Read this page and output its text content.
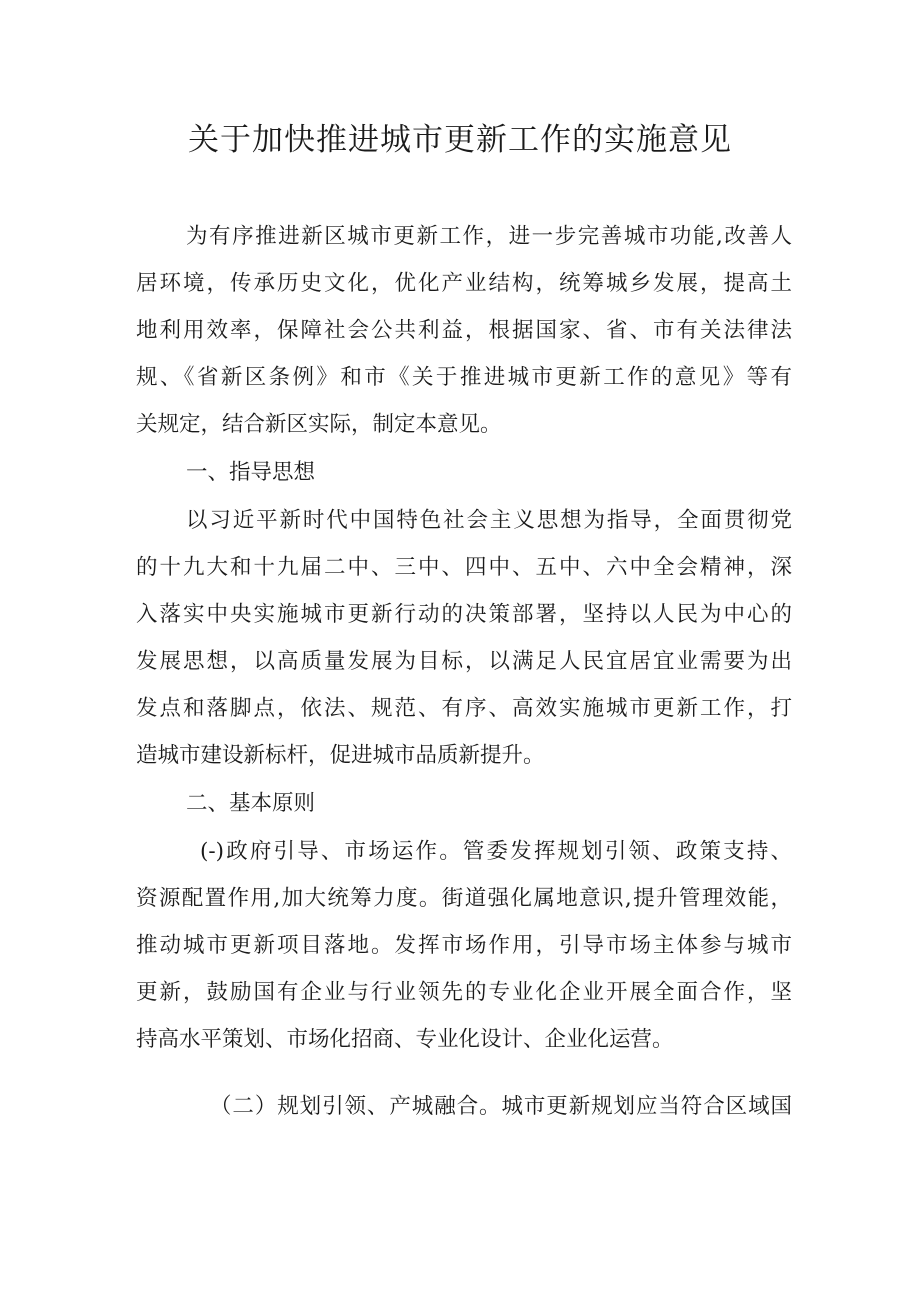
关于加快推进城市更新工作的实施意见
为有序推进新区城市更新工作，进一步完善城市功能,改善人
居环境，传承历史文化，优化产业结构，统筹城乡发展，提高土
地利用效率，保障社会公共利益，根据国家、省、市有关法律法
规、《省新区条例》和市《关于推进城市更新工作的意见》等有
关规定，结合新区实际，制定本意见。
一、指导思想
以习近平新时代中国特色社会主义思想为指导，全面贯彻党
的十九大和十九届二中、三中、四中、五中、六中全会精神，深
入落实中央实施城市更新行动的决策部署，坚持以人民为中心的
发展思想，以高质量发展为目标，以满足人民宜居宜业需要为出
发点和落脚点，依法、规范、有序、高效实施城市更新工作，打
造城市建设新标杆，促进城市品质新提升。
二、基本原则
(-)政府引导、市场运作。管委发挥规划引领、政策支持、
资源配置作用,加大统筹力度。街道强化属地意识,提升管理效能，
推动城市更新项目落地。发挥市场作用，引导市场主体参与城市
更新，鼓励国有企业与行业领先的专业化企业开展全面合作，坚
持高水平策划、市场化招商、专业化设计、企业化运营。
（二）规划引领、产城融合。城市更新规划应当符合区域国
